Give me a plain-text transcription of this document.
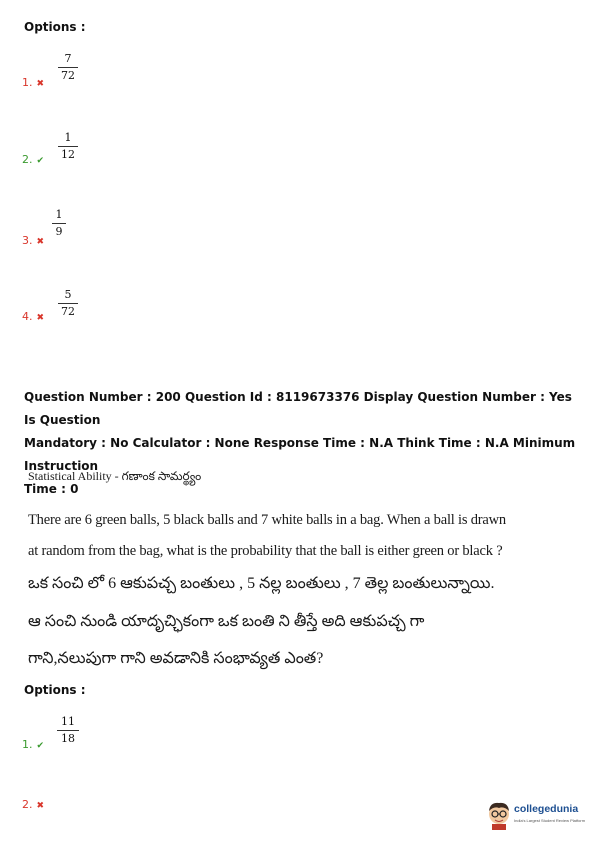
Options :
7
72
1. ✖
1
12
2. ✔
1
9
3. ✖
5
72
4. ✖
Question Number : 200 Question Id : 8119673376 Display Question Number : Yes Is Question
Mandatory : No Calculator : None Response Time : N.A Think Time : N.A Minimum Instruction
Time : 0
Statistical Ability - గణాంక సామర్థ్యం
There are 6 green balls, 5 black balls and 7 white balls in a bag. When a ball is drawn
at random from the bag, what is the probability that the ball is either green or black ?
ఒక సంచి లో 6 ఆకుపచ్చ బంతులు , 5 నల్ల బంతులు , 7 తెల్ల బంతులున్నాయి.
ఆ సంచి నుండి యాదృచ్ఛికంగా ఒక బంతి ని తీస్తే అది ఆకుపచ్చ గా
గాని,నలుపుగా గాని అవడానికి సంభావ్యత ఎంత?
Options :
11
18
1. ✔
2. ✖	collegedunia
India's Largest Student Review Platform
